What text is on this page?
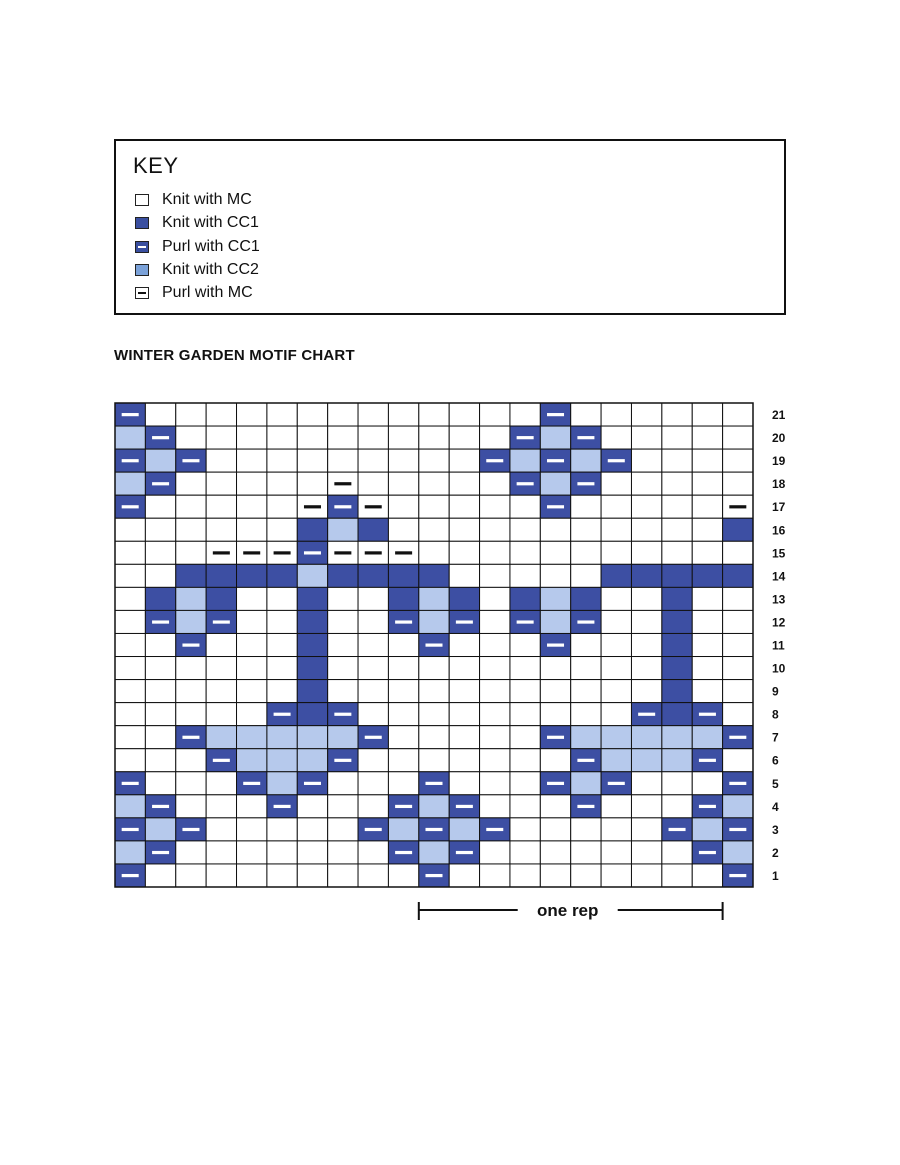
KEY
Knit with MC
Knit with CC1
Purl with CC1
Knit with CC2
Purl with MC
WINTER GARDEN MOTIF CHART
21
20
19
18
17
16
15
14
13
12
11
10
9
8
7
6
5
4
3
2
1
one rep
